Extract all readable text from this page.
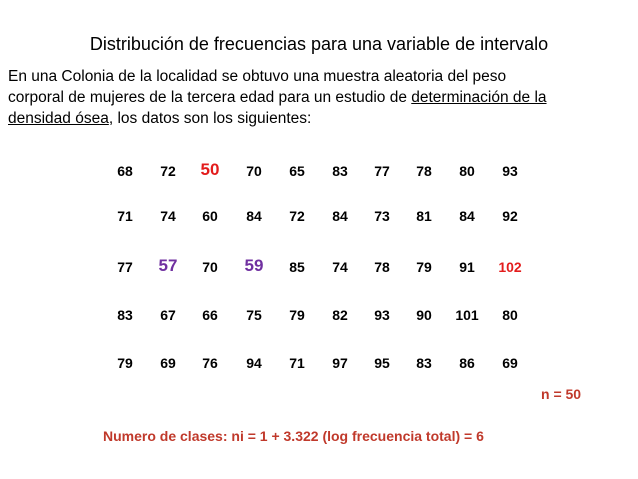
Distribución de frecuencias para una variable de intervalo
En una Colonia de la localidad se obtuvo una muestra aleatoria del peso
corporal de mujeres de la tercera edad para un estudio de determinación de la
densidad ósea, los datos son los siguientes:
68	72	50	70	65	83	77	78	80	93
71	74	60	84	72	84	73	81	84	92
77	57	70	59	85	74	78	79	91	102
83	67	66	75	79	82	93	90	101	80
79	69	76	94	71	97	95	83	86	69
n = 50
Numero de clases: ni = 1 + 3.322 (log frecuencia total) = 6
